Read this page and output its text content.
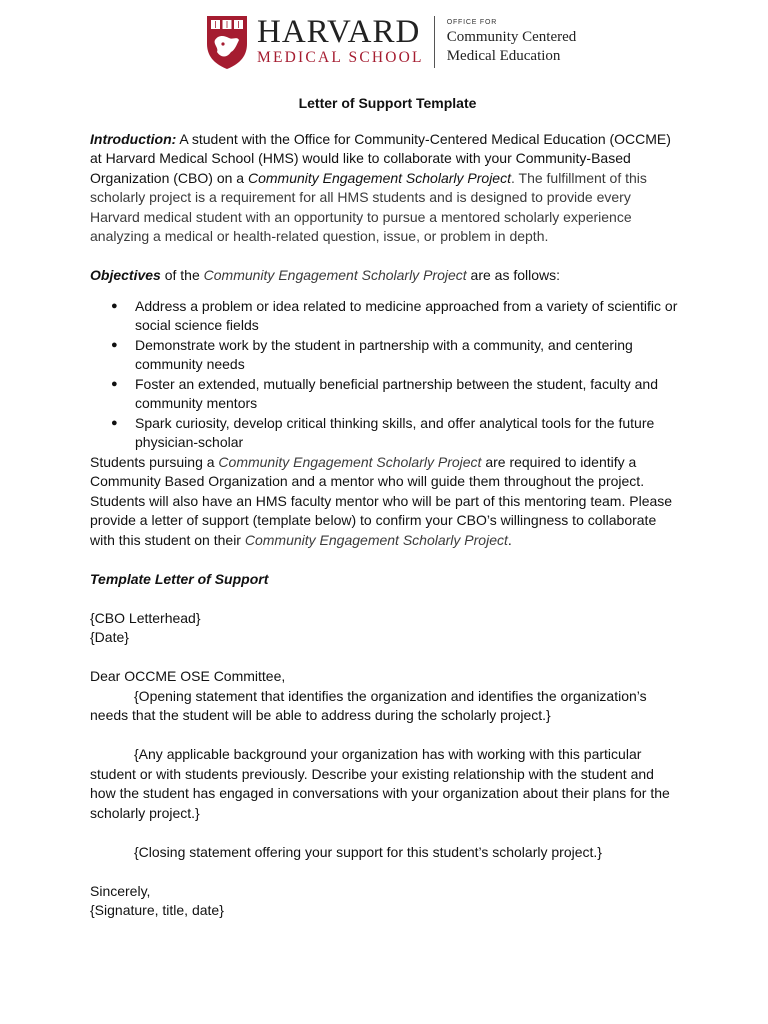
HARVARD
MEDICAL SCHOOL
OFFICE FOR
Community Centered
Medical Education
Letter of Support Template

Introduction: A student with the Office for Community-Centered Medical Education (OCCME) at Harvard Medical School (HMS) would like to collaborate with your Community-Based Organization (CBO) on a Community Engagement Scholarly Project. The fulfillment of this scholarly project is a requirement for all HMS students and is designed to provide every Harvard medical student with an opportunity to pursue a mentored scholarly experience analyzing a medical or health-related question, issue, or problem in depth.

Objectives of the Community Engagement Scholarly Project are as follows:

● Address a problem or idea related to medicine approached from a variety of scientific or social science fields
● Demonstrate work by the student in partnership with a community, and centering community needs
● Foster an extended, mutually beneficial partnership between the student, faculty and community mentors
● Spark curiosity, develop critical thinking skills, and offer analytical tools for the future physician-scholar

Students pursuing a Community Engagement Scholarly Project are required to identify a Community Based Organization and a mentor who will guide them throughout the project. Students will also have an HMS faculty mentor who will be part of this mentoring team. Please provide a letter of support (template below) to confirm your CBO’s willingness to collaborate with this student on their Community Engagement Scholarly Project.

Template Letter of Support

{CBO Letterhead}

{Date}

Dear OCCME OSE Committee,

{Opening statement that identifies the organization and identifies the organization’s needs that the student will be able to address during the scholarly project.}

{Any applicable background your organization has with working with this particular student or with students previously. Describe your existing relationship with the student and how the student has engaged in conversations with your organization about their plans for the scholarly project.}

{Closing statement offering your support for this student’s scholarly project.}

Sincerely,

{Signature, title, date}
